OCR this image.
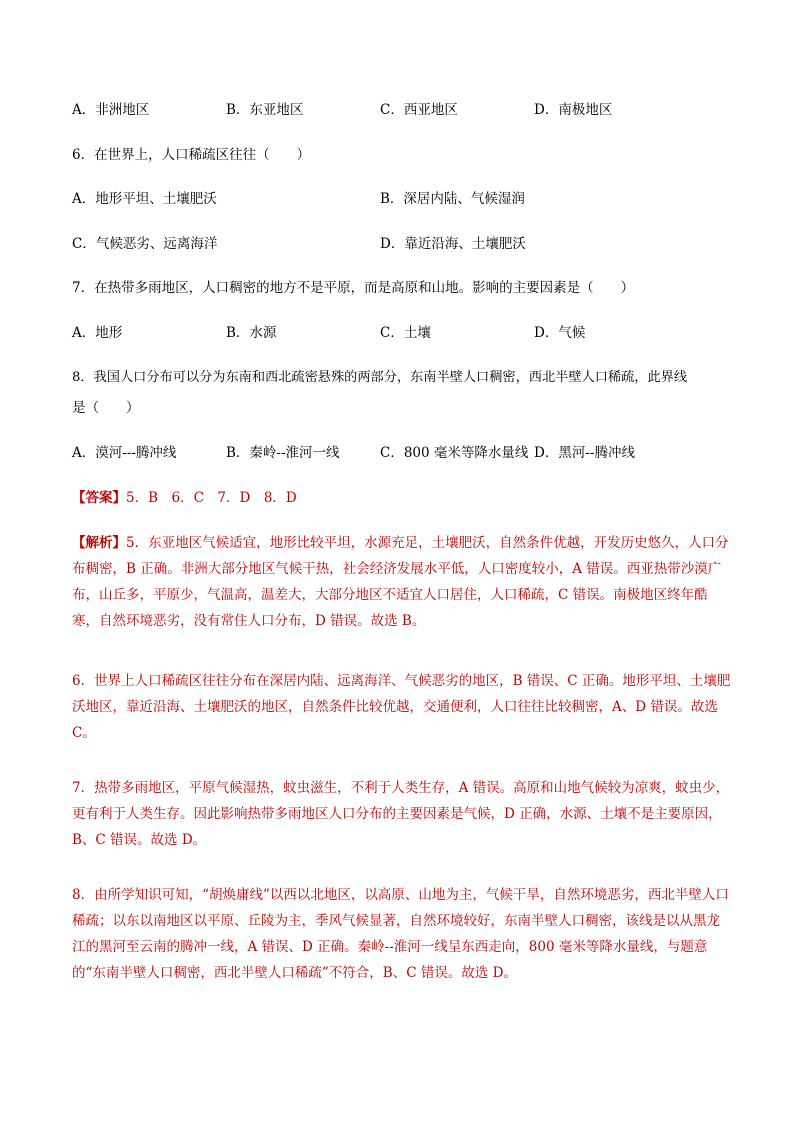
A．非洲地区	B．东亚地区	C．西亚地区	D．南极地区
6．在世界上，人口稀疏区往往（　　）
A．地形平坦、土壤肥沃	B．深居内陆、气候湿润
C．气候恶劣、远离海洋	D．靠近沿海、土壤肥沃
7．在热带多雨地区，人口稠密的地方不是平原，而是高原和山地。影响的主要因素是（　　）
A．地形	B．水源	C．土壤	D．气候
8．我国人口分布可以分为东南和西北疏密悬殊的两部分，东南半壁人口稠密，西北半壁人口稀疏，此界线
是（　　）
A．漠河---腾冲线	B．秦岭--淮河一线	C．800 毫米等降水量线 D．黑河--腾冲线
【答案】5．B　6．C　7．D　8．D
【解析】5．东亚地区气候适宜，地形比较平坦，水源充足，土壤肥沃，自然条件优越，开发历史悠久，人口分布稠密，B 正确。非洲大部分地区气候干热，社会经济发展水平低，人口密度较小，A 错误。西亚热带沙漠广布，山丘多，平原少，气温高，温差大，大部分地区不适宜人口居住，人口稀疏，C 错误。南极地区终年酷寒，自然环境恶劣，没有常住人口分布，D 错误。故选 B。
6．世界上人口稀疏区往往分布在深居内陆、远离海洋、气候恶劣的地区，B 错误、C 正确。地形平坦、土壤肥沃地区，靠近沿海、土壤肥沃的地区，自然条件比较优越，交通便利，人口往往比较稠密，A、D 错误。故选 C。
7．热带多雨地区，平原气候湿热，蚊虫滋生，不利于人类生存，A 错误。高原和山地气候较为凉爽，蚊虫少，更有利于人类生存。因此影响热带多雨地区人口分布的主要因素是气候，D 正确，水源、土壤不是主要原因，B、C 错误。故选 D。
8．由所学知识可知，“胡焕庸线”以西以北地区，以高原、山地为主，气候干旱，自然环境恶劣，西北半壁人口稀疏；以东以南地区以平原、丘陵为主，季风气候显著，自然环境较好，东南半壁人口稠密，该线是以从黑龙江的黑河至云南的腾冲一线，A 错误、D 正确。秦岭--淮河一线呈东西走向，800 毫米等降水量线，与题意的“东南半壁人口稠密，西北半壁人口稀疏”不符合，B、C 错误。故选 D。
